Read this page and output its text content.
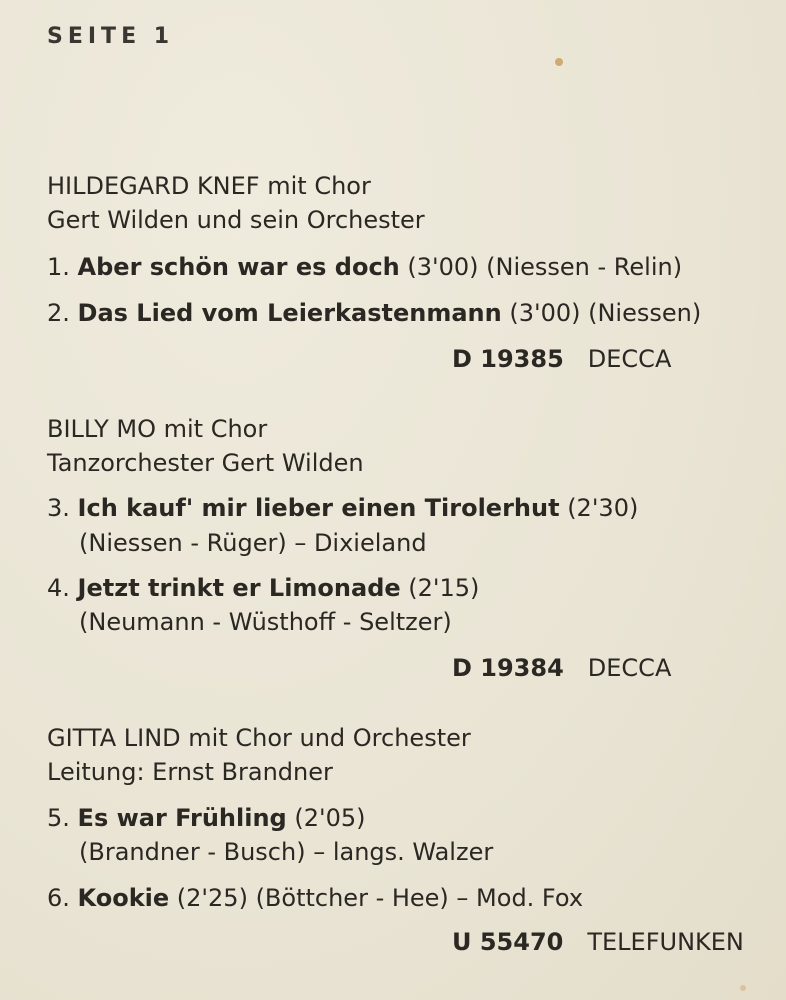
SEITE 1
HILDEGARD KNEF mit Chor
Gert Wilden und sein Orchester
1. Aber schön war es doch (3'00) (Niessen - Relin)
2. Das Lied vom Leierkastenmann (3'00) (Niessen)
D 19385 DECCA
BILLY MO mit Chor
Tanzorchester Gert Wilden
3. Ich kauf' mir lieber einen Tirolerhut (2'30)
(Niessen - Rüger) – Dixieland
4. Jetzt trinkt er Limonade (2'15)
(Neumann - Wüsthoff - Seltzer)
D 19384 DECCA
GITTA LIND mit Chor und Orchester
Leitung: Ernst Brandner
5. Es war Frühling (2'05)
(Brandner - Busch) – langs. Walzer
6. Kookie (2'25) (Böttcher - Hee) – Mod. Fox
U 55470 TELEFUNKEN
